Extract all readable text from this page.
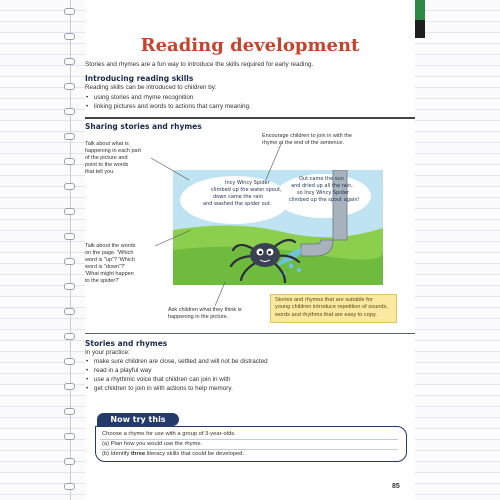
Reading development
Stories and rhymes are a fun way to introduce the skills required for early reading.
Introducing reading skills
Reading skills can be introduced to children by:
• using stories and rhyme recognition
• linking pictures and words to actions that carry meaning.
Sharing stories and rhymes
Talk about what is
happening in each part
of the picture and
point to the words
that tell you.
Encourage children to join in with the
rhyme at the end of the sentence.
Talk about the words
on the page. 'Which
word is "up"? 'Which
word is "down"?'
'What might happen
to the spider?'
Ask children what they think is
happening in the picture.
Incy Wincy Spider
climbed up the water spout,
down came the rain
and washed the spider out.
Out came the sun
and dried up all the rain,
so Incy Wincy Spider
climbed up the spout again!
Stories and rhymes that are suitable for
young children introduce repetition of sounds,
words and rhythms that are easy to copy.
Stories and rhymes
In your practice:
• make sure children are close, settled and will not be distracted
• read in a playful way
• use a rhythmic voice that children can join in with
• get children to join in with actions to help memory.
Now try this
Choose a rhyme for use with a group of 3-year-olds.
(a) Plan how you would use the rhyme.
(b) Identify three literacy skills that could be developed.
85
